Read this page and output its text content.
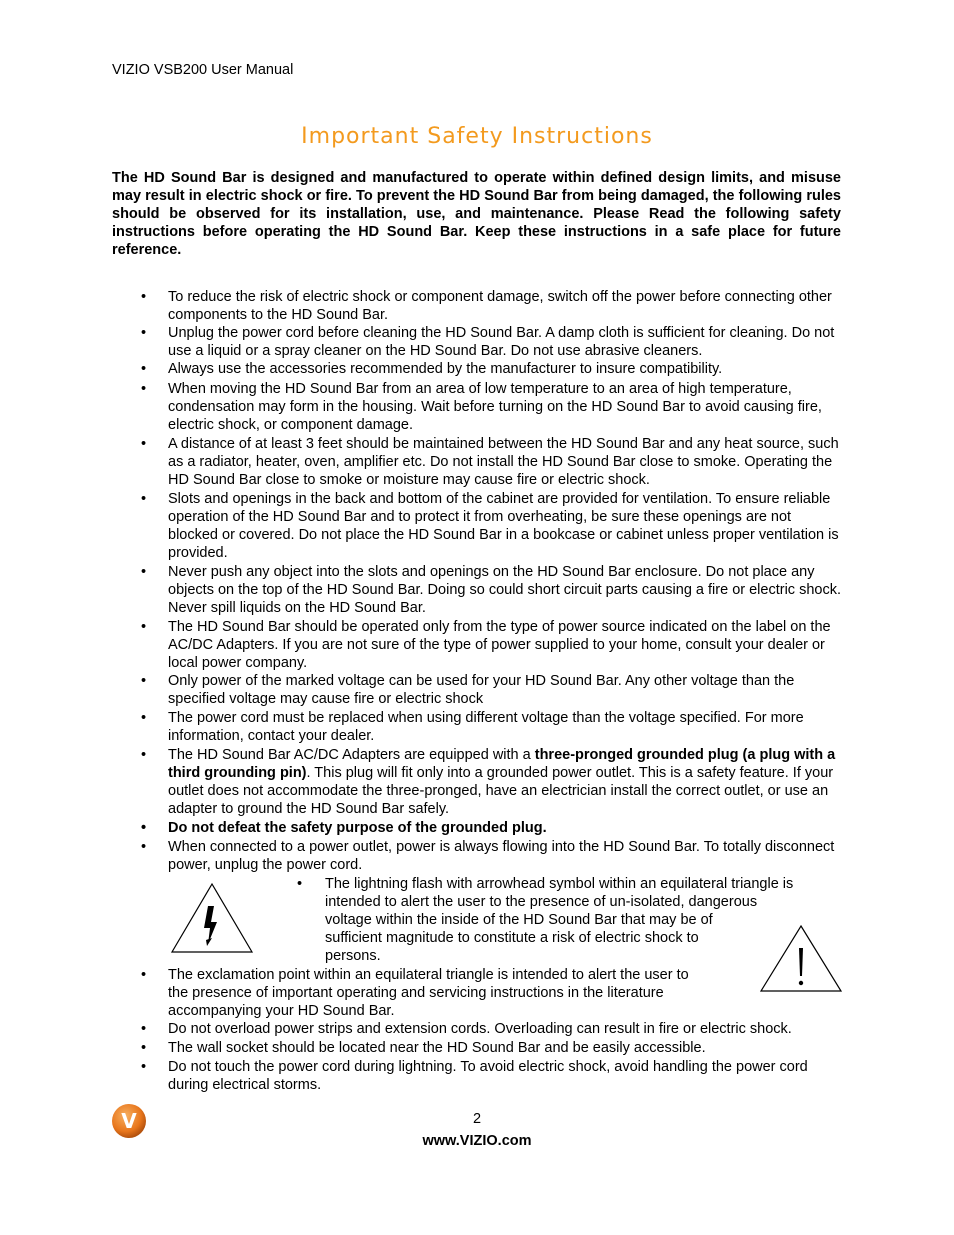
VIZIO VSB200 User Manual
Important Safety Instructions
The HD Sound Bar is designed and manufactured to operate within defined design limits, and misuse may result in electric shock or fire. To prevent the HD Sound Bar from being damaged, the following rules should be observed for its installation, use, and maintenance. Please Read the following safety instructions before operating the HD Sound Bar. Keep these instructions in a safe place for future reference.
• To reduce the risk of electric shock or component damage, switch off the power before connecting other components to the HD Sound Bar.
• Unplug the power cord before cleaning the HD Sound Bar. A damp cloth is sufficient for cleaning. Do not use a liquid or a spray cleaner on the HD Sound Bar. Do not use abrasive cleaners.
• Always use the accessories recommended by the manufacturer to insure compatibility.
• When moving the HD Sound Bar from an area of low temperature to an area of high temperature, condensation may form in the housing. Wait before turning on the HD Sound Bar to avoid causing fire, electric shock, or component damage.
• A distance of at least 3 feet should be maintained between the HD Sound Bar and any heat source, such as a radiator, heater, oven, amplifier etc. Do not install the HD Sound Bar close to smoke. Operating the HD Sound Bar close to smoke or moisture may cause fire or electric shock.
• Slots and openings in the back and bottom of the cabinet are provided for ventilation. To ensure reliable operation of the HD Sound Bar and to protect it from overheating, be sure these openings are not blocked or covered. Do not place the HD Sound Bar in a bookcase or cabinet unless proper ventilation is provided.
• Never push any object into the slots and openings on the HD Sound Bar enclosure. Do not place any objects on the top of the HD Sound Bar. Doing so could short circuit parts causing a fire or electric shock. Never spill liquids on the HD Sound Bar.
• The HD Sound Bar should be operated only from the type of power source indicated on the label on the AC/DC Adapters. If you are not sure of the type of power supplied to your home, consult your dealer or local power company.
• Only power of the marked voltage can be used for your HD Sound Bar. Any other voltage than the specified voltage may cause fire or electric shock
• The power cord must be replaced when using different voltage than the voltage specified. For more information, contact your dealer.
• The HD Sound Bar AC/DC Adapters are equipped with a three-pronged grounded plug (a plug with a third grounding pin). This plug will fit only into a grounded power outlet. This is a safety feature. If your outlet does not accommodate the three-pronged, have an electrician install the correct outlet, or use an adapter to ground the HD Sound Bar safely.
• Do not defeat the safety purpose of the grounded plug.
• When connected to a power outlet, power is always flowing into the HD Sound Bar. To totally disconnect power, unplug the power cord.
• The lightning flash with arrowhead symbol within an equilateral triangle is
intended to alert the user to the presence of un-isolated, dangerous
voltage within the inside of the HD Sound Bar that may be of
sufficient magnitude to constitute a risk of electric shock to
persons.
• The exclamation point within an equilateral triangle is intended to alert the user to
the presence of important operating and servicing instructions in the literature
accompanying your HD Sound Bar.
• Do not overload power strips and extension cords. Overloading can result in fire or electric shock.
• The wall socket should be located near the HD Sound Bar and be easily accessible.
• Do not touch the power cord during lightning. To avoid electric shock, avoid handling the power cord during electrical storms.
V	2
www.VIZIO.com
